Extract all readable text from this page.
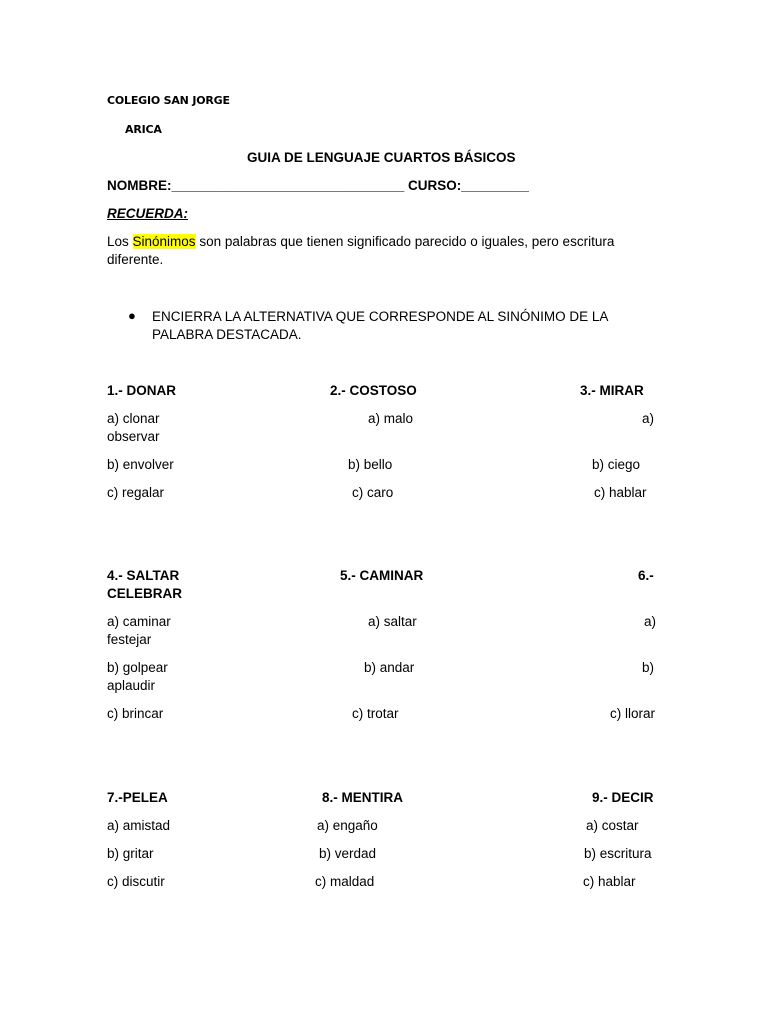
COLEGIO SAN JORGE
ARICA
GUIA DE LENGUAJE CUARTOS BÁSICOS
NOMBRE:_______________________________ CURSO:_________
RECUERDA:

Los Sinónimos son palabras que tienen significado parecido o iguales, pero escritura
diferente.

● ENCIERRA LA ALTERNATIVA QUE CORRESPONDE AL SINÓNIMO DE LA
PALABRA DESTACADA.

1.- DONAR	2.- COSTOSO	3.- MIRAR
a) clonar	a) malo	a)
observar
b) envolver	b) bello	b) ciego
c) regalar	c) caro	c) hablar
4.- SALTAR	5.- CAMINAR	6.-
CELEBRAR
a) caminar	a) saltar	a)
festejar
b) golpear	b) andar	b)
aplaudir
c) brincar	c) trotar	c) llorar
7.-PELEA	8.- MENTIRA	9.- DECIR
a) amistad	a) engaño	a) costar
b) gritar	b) verdad	b) escritura
c) discutir	c) maldad	c) hablar
